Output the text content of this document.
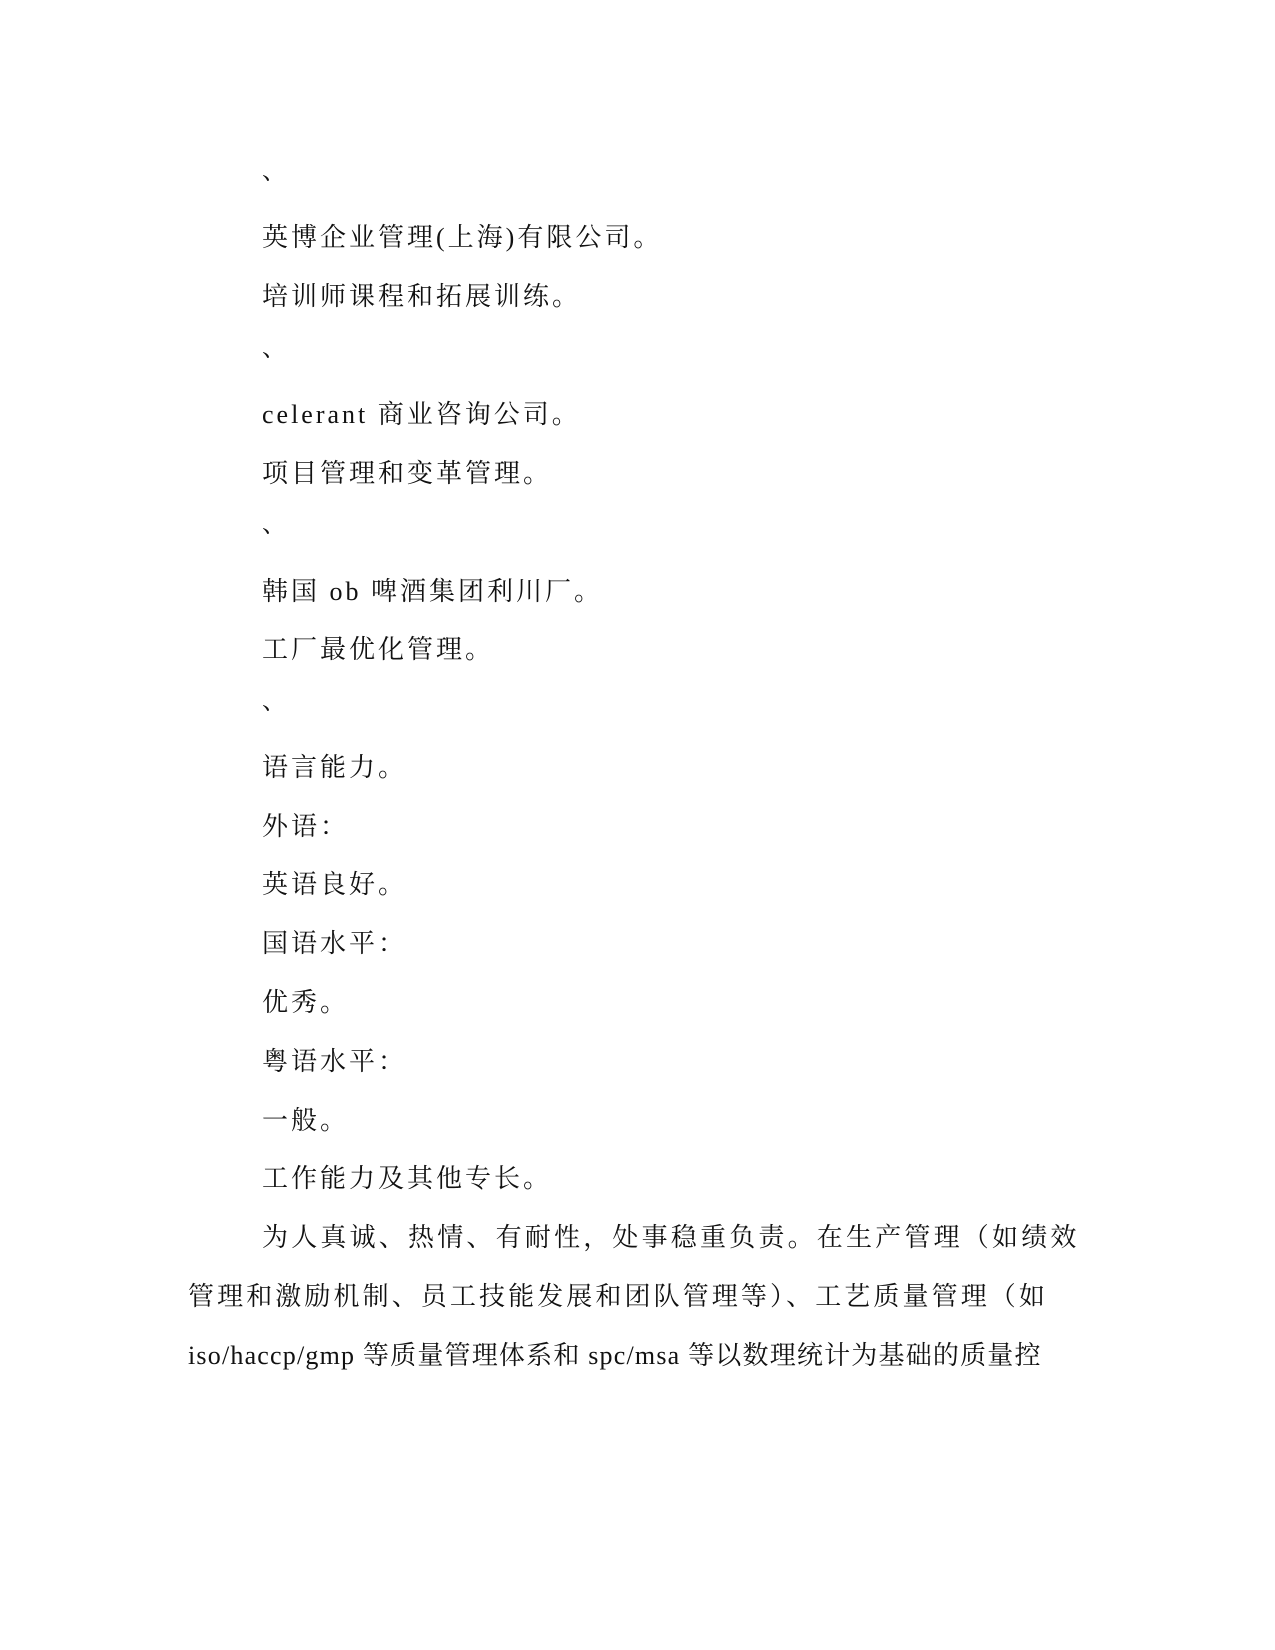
、
英博企业管理(上海)有限公司。
培训师课程和拓展训练。
、
celerant 商业咨询公司。
项目管理和变革管理。
、
韩国 ob 啤酒集团利川厂。
工厂最优化管理。
、
语言能力。
外语：
英语良好。
国语水平：
优秀。
粤语水平：
一般。
工作能力及其他专长。
为人真诚、热情、有耐性，处事稳重负责。在生产管理（如绩效
管理和激励机制、员工技能发展和团队管理等）、工艺质量管理（如
iso/haccp/gmp 等质量管理体系和 spc/msa 等以数理统计为基础的质量控
